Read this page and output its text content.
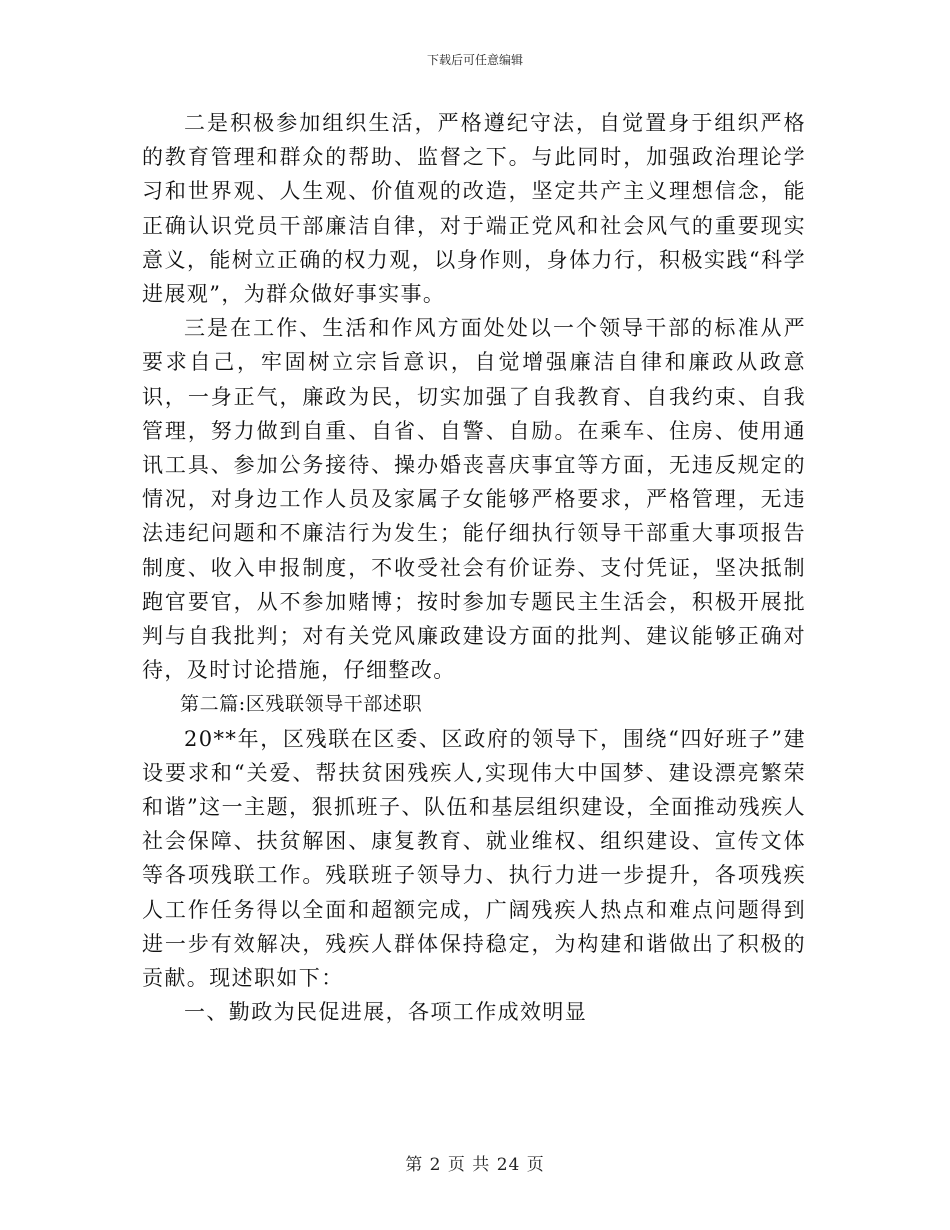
下载后可任意编辑

二是积极参加组织生活，严格遵纪守法，自觉置身于组织严格的教育管理和群众的帮助、监督之下。与此同时，加强政治理论学习和世界观、人生观、价值观的改造，坚定共产主义理想信念，能正确认识党员干部廉洁自律，对于端正党风和社会风气的重要现实意义，能树立正确的权力观，以身作则，身体力行，积极实践“科学进展观”，为群众做好事实事。

三是在工作、生活和作风方面处处以一个领导干部的标准从严要求自己，牢固树立宗旨意识，自觉增强廉洁自律和廉政从政意识，一身正气，廉政为民，切实加强了自我教育、自我约束、自我管理，努力做到自重、自省、自警、自励。在乘车、住房、使用通讯工具、参加公务接待、操办婚丧喜庆事宜等方面，无违反规定的情况，对身边工作人员及家属子女能够严格要求，严格管理，无违法违纪问题和不廉洁行为发生；能仔细执行领导干部重大事项报告制度、收入申报制度，不收受社会有价证券、支付凭证，坚决抵制跑官要官，从不参加赌博；按时参加专题民主生活会，积极开展批判与自我批判；对有关党风廉政建设方面的批判、建议能够正确对待，及时讨论措施，仔细整改。

第二篇:区残联领导干部述职

20**年，区残联在区委、区政府的领导下，围绕“四好班子”建设要求和“关爱、帮扶贫困残疾人,实现伟大中国梦、建设漂亮繁荣和谐”这一主题，狠抓班子、队伍和基层组织建设，全面推动残疾人社会保障、扶贫解困、康复教育、就业维权、组织建设、宣传文体等各项残联工作。残联班子领导力、执行力进一步提升，各项残疾人工作任务得以全面和超额完成，广阔残疾人热点和难点问题得到进一步有效解决，残疾人群体保持稳定，为构建和谐做出了积极的贡献。现述职如下：

一、勤政为民促进展，各项工作成效明显

第 2 页 共 24 页
